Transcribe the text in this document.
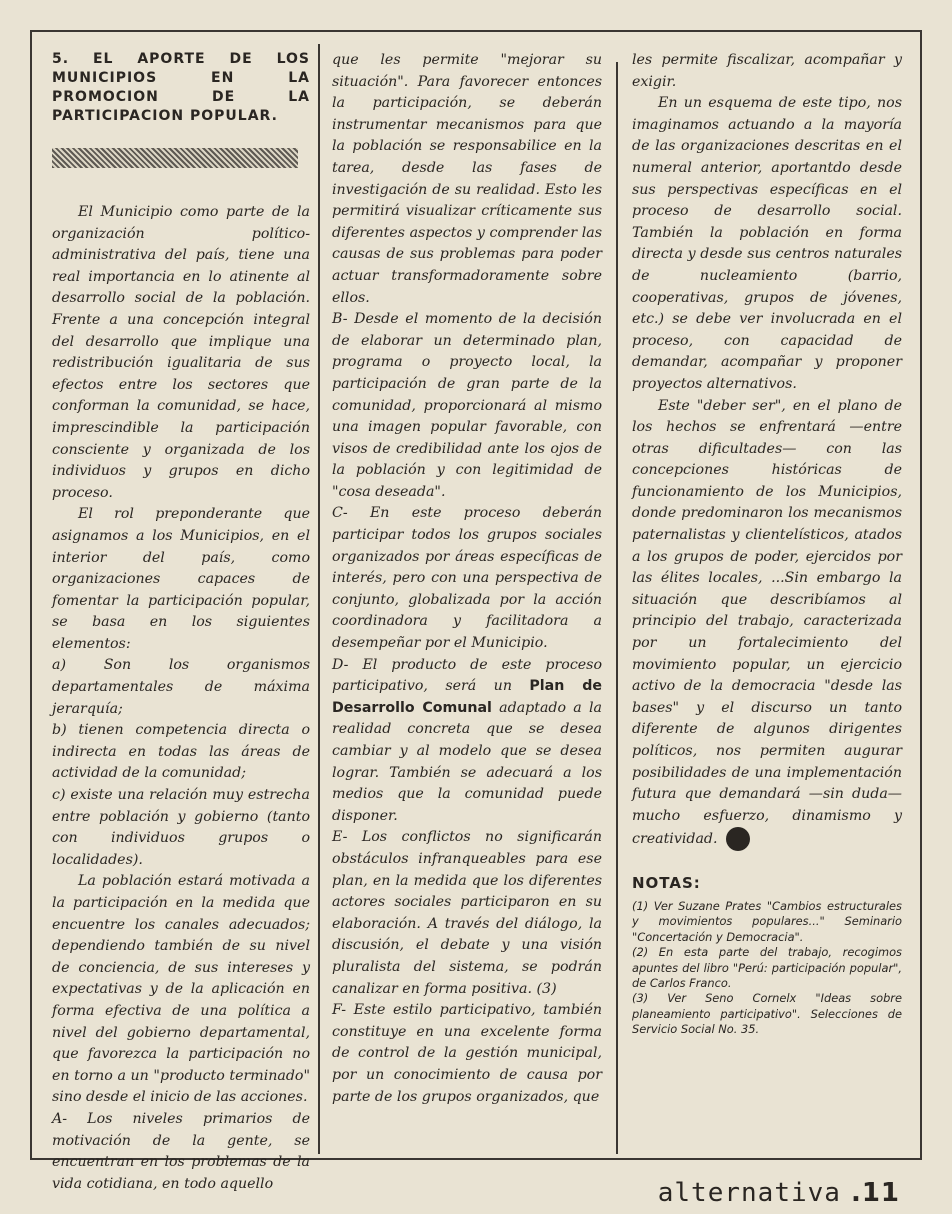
5. EL APORTE DE LOS MUNICIPIOS EN LA PROMOCION DE LA PARTICIPACION POPULAR.

El Municipio como parte de la organización político-administrativa del país, tiene una real importancia en lo atinente al desarrollo social de la población. Frente a una concepción integral del desarrollo que implique una redistribución igualitaria de sus efectos entre los sectores que conforman la comunidad, se hace, imprescindible la participación consciente y organizada de los individuos y grupos en dicho proceso.

El rol preponderante que asignamos a los Municipios, en el interior del país, como organizaciones capaces de fomentar la participación popular, se basa en los siguientes elementos:

a) Son los organismos departamentales de máxima jerarquía;

b) tienen competencia directa o indirecta en todas las áreas de actividad de la comunidad;

c) existe una relación muy estrecha entre población y gobierno (tanto con individuos grupos o localidades).

La población estará motivada a la participación en la medida que encuentre los canales adecuados; dependiendo también de su nivel de conciencia, de sus intereses y expectativas y de la aplicación en forma efectiva de una política a nivel del gobierno departamental, que favorezca la participación no en torno a un "producto terminado" sino desde el inicio de las acciones.

A- Los niveles primarios de motivación de la gente, se encuentran en los problemas de la vida cotidiana, en todo aquello

que les permite "mejorar su situación". Para favorecer entonces la participación, se deberán instrumentar mecanismos para que la población se responsabilice en la tarea, desde las fases de investigación de su realidad. Esto les permitirá visualizar críticamente sus diferentes aspectos y comprender las causas de sus problemas para poder actuar transformadoramente sobre ellos.

B- Desde el momento de la decisión de elaborar un determinado plan, programa o proyecto local, la participación de gran parte de la comunidad, proporcionará al mismo una imagen popular favorable, con visos de credibilidad ante los ojos de la población y con legitimidad de "cosa deseada".

C- En este proceso deberán participar todos los grupos sociales organizados por áreas específicas de interés, pero con una perspectiva de conjunto, globalizada por la acción coordinadora y facilitadora a desempeñar por el Municipio.

D- El producto de este proceso participativo, será un Plan de Desarrollo Comunal adaptado a la realidad concreta que se desea cambiar y al modelo que se desea lograr. También se adecuará a los medios que la comunidad puede disponer.

E- Los conflictos no significarán obstáculos infranqueables para ese plan, en la medida que los diferentes actores sociales participaron en su elaboración. A través del diálogo, la discusión, el debate y una visión pluralista del sistema, se podrán canalizar en forma positiva. (3)

F- Este estilo participativo, también constituye en una excelente forma de control de la gestión municipal, por un conocimiento de causa por parte de los grupos organizados, que

les permite fiscalizar, acompañar y exigir.

En un esquema de este tipo, nos imaginamos actuando a la mayoría de las organizaciones descritas en el numeral anterior, aportantdo desde sus perspectivas específicas en el proceso de desarrollo social. También la población en forma directa y desde sus centros naturales de nucleamiento (barrio, cooperativas, grupos de jóvenes, etc.) se debe ver involucrada en el proceso, con capacidad de demandar, acompañar y proponer proyectos alternativos.

Este "deber ser", en el plano de los hechos se enfrentará —entre otras dificultades— con las concepciones históricas de funcionamiento de los Municipios, donde predominaron los mecanismos paternalistas y clientelísticos, atados a los grupos de poder, ejercidos por las élites locales, ...Sin embargo la situación que describíamos al principio del trabajo, caracterizada por un fortalecimiento del movimiento popular, un ejercicio activo de la democracia "desde las bases" y el discurso un tanto diferente de algunos dirigentes políticos, nos permiten augurar posibilidades de una implementación futura que demandará —sin duda— mucho esfuerzo, dinamismo y creatividad. ⇧

NOTAS:

(1) Ver Suzane Prates "Cambios estructurales y movimientos populares..." Seminario "Concertación y Democracia".

(2) En esta parte del trabajo, recogimos apuntes del libro "Perú: participación popular", de Carlos Franco.

(3) Ver Seno Cornelx "Ideas sobre planeamiento participativo". Selecciones de Servicio Social No. 35.

alternativa .11
